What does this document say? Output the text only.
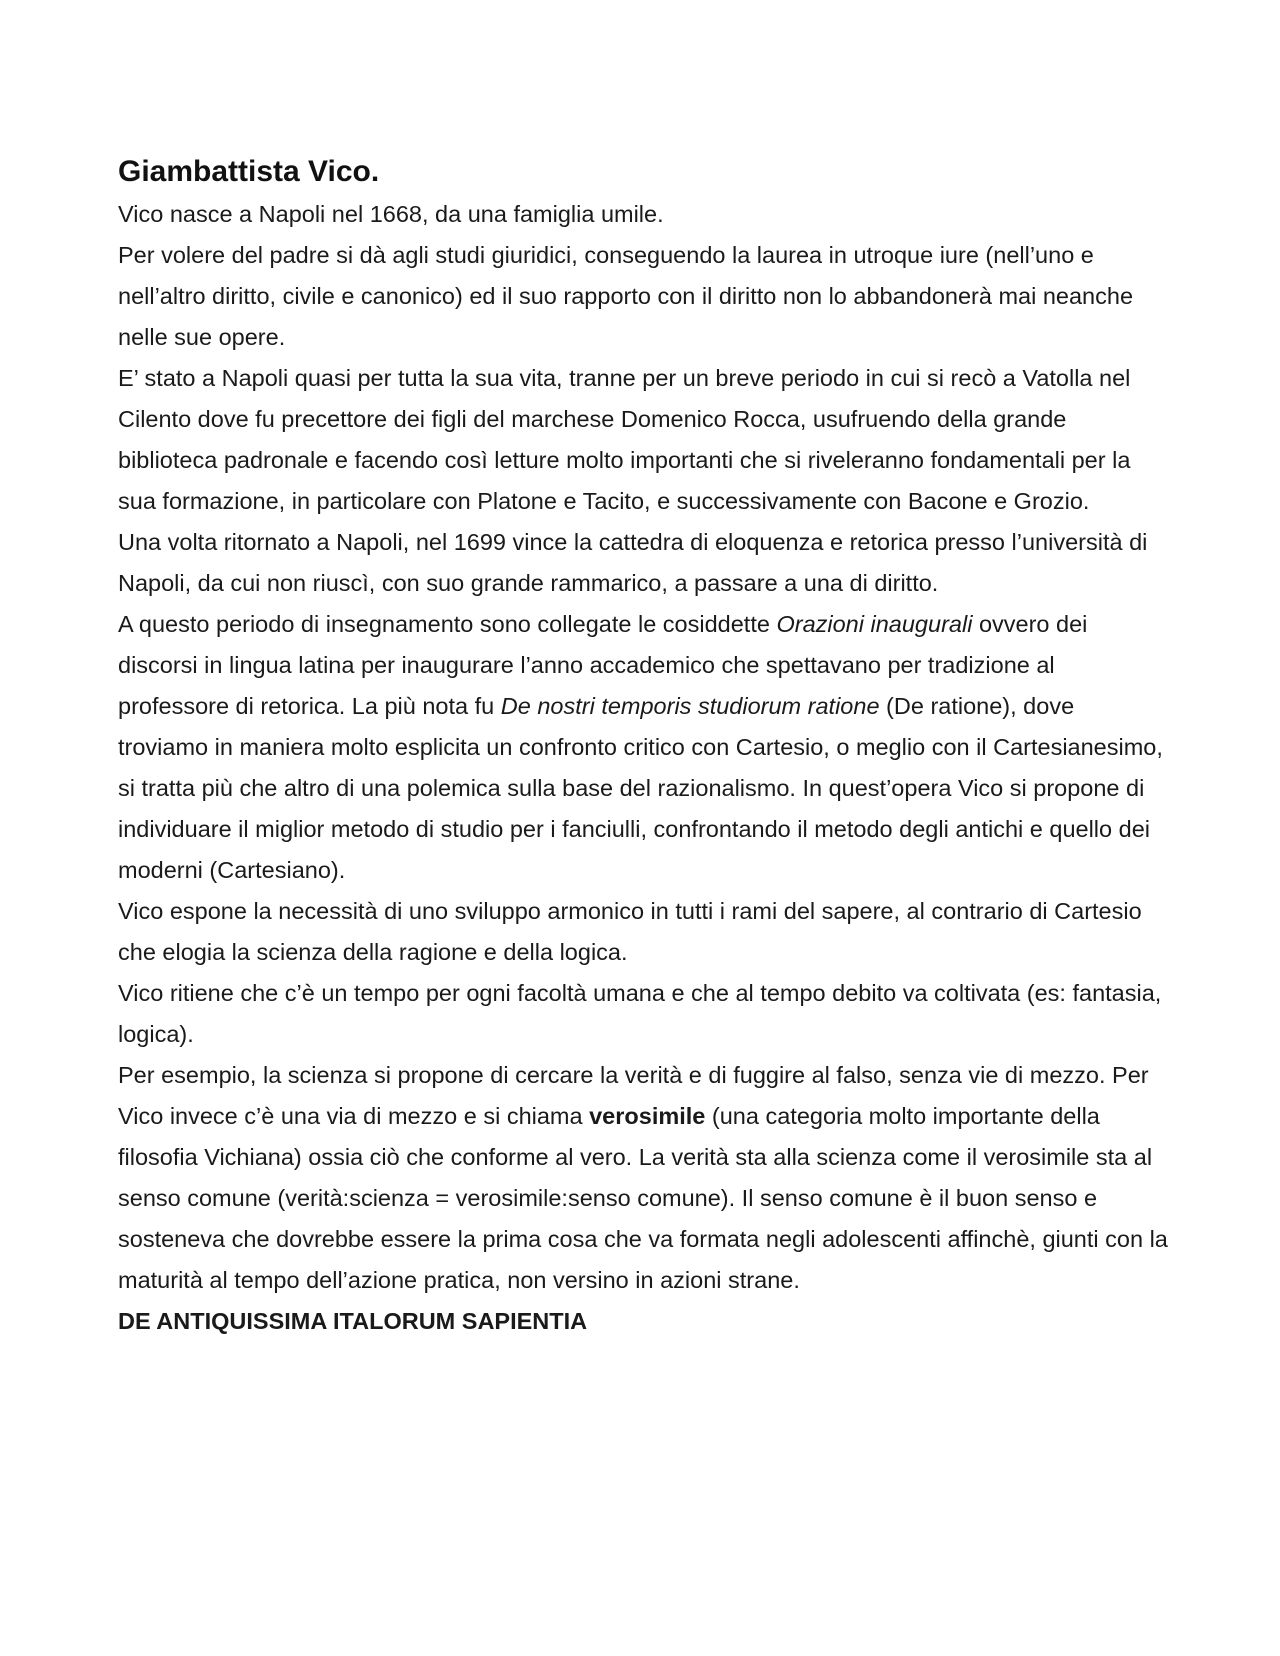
Giambattista Vico.

Vico nasce a Napoli nel 1668, da una famiglia umile.

Per volere del padre si dà agli studi giuridici, conseguendo la laurea in utroque iure (nell’uno e nell’altro diritto, civile e canonico) ed il suo rapporto con il diritto non lo abbandonerà mai neanche nelle sue opere.

E’ stato a Napoli quasi per tutta la sua vita, tranne per un breve periodo in cui si recò a Vatolla nel Cilento dove fu precettore dei figli del marchese Domenico Rocca, usufruendo della grande biblioteca padronale e facendo così letture molto importanti che si riveleranno fondamentali per la sua formazione, in particolare con Platone e Tacito, e successivamente con Bacone e Grozio.

Una volta ritornato a Napoli, nel 1699 vince la cattedra di eloquenza e retorica presso l’università di Napoli, da cui non riuscì, con suo grande rammarico, a passare a una di diritto.

A questo periodo di insegnamento sono collegate le cosiddette Orazioni inaugurali ovvero dei discorsi in lingua latina per inaugurare l’anno accademico che spettavano per tradizione al professore di retorica. La più nota fu De nostri temporis studiorum ratione (De ratione), dove troviamo in maniera molto esplicita un confronto critico con Cartesio, o meglio con il Cartesianesimo, si tratta più che altro di una polemica sulla base del razionalismo. In quest’opera Vico si propone di individuare il miglior metodo di studio per i fanciulli, confrontando il metodo degli antichi e quello dei moderni (Cartesiano).

Vico espone la necessità di uno sviluppo armonico in tutti i rami del sapere, al contrario di Cartesio che elogia la scienza della ragione e della logica.

Vico ritiene che c’è un tempo per ogni facoltà umana e che al tempo debito va coltivata (es: fantasia, logica).

Per esempio, la scienza si propone di cercare la verità e di fuggire al falso, senza vie di mezzo. Per Vico invece c’è una via di mezzo e si chiama verosimile (una categoria molto importante della filosofia Vichiana) ossia ciò che conforme al vero. La verità sta alla scienza come il verosimile sta al senso comune (verità:scienza = verosimile:senso comune). Il senso comune è il buon senso e sosteneva che dovrebbe essere la prima cosa che va formata negli adolescenti affinchè, giunti con la maturità al tempo dell’azione pratica, non versino in azioni strane.

DE ANTIQUISSIMA ITALORUM SAPIENTIA
